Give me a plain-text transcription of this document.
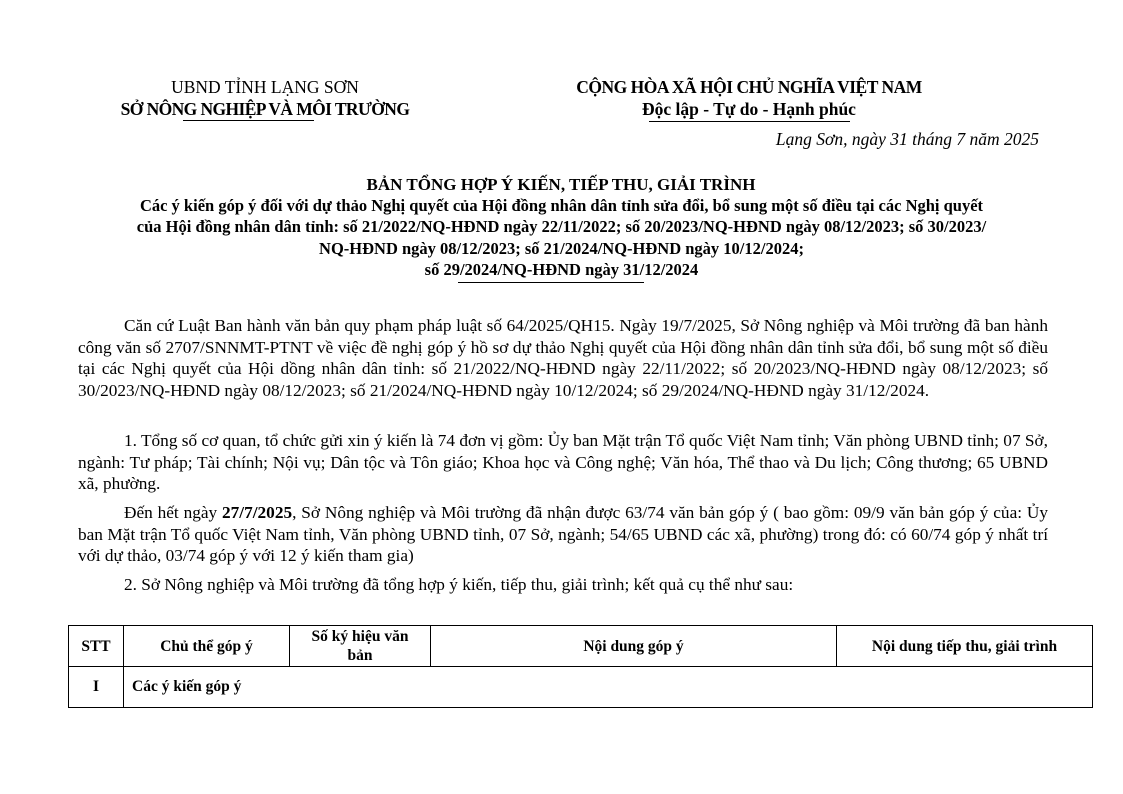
UBND TỈNH LẠNG SƠN
SỞ NÔNG NGHIỆP VÀ MÔI TRƯỜNG
CỘNG HÒA XÃ HỘI CHỦ NGHĨA VIỆT NAM
Độc lập - Tự do - Hạnh phúc
Lạng Sơn, ngày 31 tháng 7 năm 2025
BẢN TỔNG HỢP Ý KIẾN, TIẾP THU, GIẢI TRÌNH
Các ý kiến góp ý đối với dự thảo Nghị quyết của Hội đồng nhân dân tỉnh sửa đổi, bổ sung một số điều tại các Nghị quyết
của Hội đồng nhân dân tỉnh: số 21/2022/NQ-HĐND ngày 22/11/2022; số 20/2023/NQ-HĐND ngày 08/12/2023; số 30/2023/
NQ-HĐND ngày 08/12/2023; số 21/2024/NQ-HĐND ngày 10/12/2024;
số 29/2024/NQ-HĐND ngày 31/12/2024
Căn cứ Luật Ban hành văn bản quy phạm pháp luật số 64/2025/QH15. Ngày 19/7/2025, Sở Nông nghiệp và Môi trường đã ban hành công văn số 2707/SNNMT-PTNT về việc đề nghị góp ý hồ sơ dự thảo Nghị quyết của Hội đồng nhân dân tỉnh sửa đổi, bổ sung một số điều tại các Nghị quyết của Hội dồng nhân dân tỉnh: số 21/2022/NQ-HĐND ngày 22/11/2022; số 20/2023/NQ-HĐND ngày 08/12/2023; số 30/2023/NQ-HĐND ngày 08/12/2023; số 21/2024/NQ-HĐND ngày 10/12/2024; số 29/2024/NQ-HĐND ngày 31/12/2024.
1. Tổng số cơ quan, tổ chức gửi xin ý kiến là 74 đơn vị gồm: Ủy ban Mặt trận Tổ quốc Việt Nam tỉnh; Văn phòng UBND tỉnh; 07 Sở, ngành: Tư pháp; Tài chính; Nội vụ; Dân tộc và Tôn giáo; Khoa học và Công nghệ; Văn hóa, Thể thao và Du lịch; Công thương; 65 UBND xã, phường.
Đến hết ngày 27/7/2025, Sở Nông nghiệp và Môi trường đã nhận được 63/74 văn bản góp ý ( bao gồm: 09/9 văn bản góp ý của: Ủy ban Mặt trận Tổ quốc Việt Nam tỉnh, Văn phòng UBND tỉnh, 07 Sở, ngành; 54/65 UBND các xã, phường) trong đó: có 60/74 góp ý nhất trí với dự thảo, 03/74 góp ý với 12 ý kiến tham gia)
2. Sở Nông nghiệp và Môi trường đã tổng hợp ý kiến, tiếp thu, giải trình; kết quả cụ thể như sau:
STT	Chủ thể góp ý	Số ký hiệu văn bản	Nội dung góp ý	Nội dung tiếp thu, giải trình
I	Các ý kiến góp ý			
